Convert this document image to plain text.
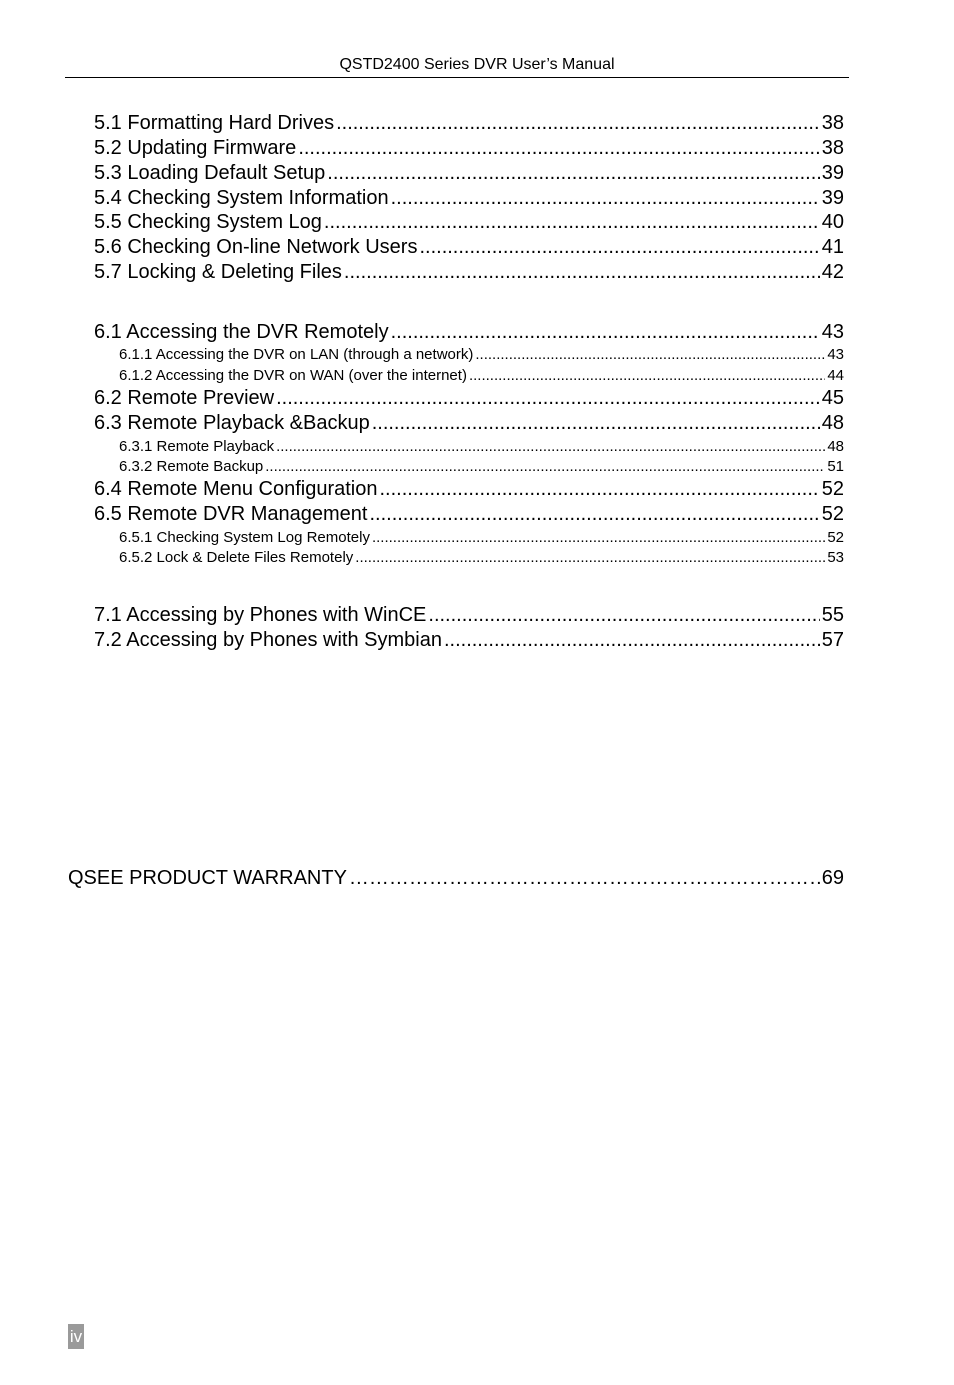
QSTD2400 Series DVR User’s Manual
5.1 Formatting Hard Drives .....	38
5.2 Updating Firmware .....	38
5.3 Loading Default Setup .....	39
5.4 Checking System Information .....	39
5.5 Checking System Log .....	40
5.6 Checking On-line Network Users .....	41
5.7 Locking & Deleting Files .....	42
6.1 Accessing the DVR Remotely .....	43
6.1.1 Accessing the DVR on LAN (through a network) .....	43
6.1.2 Accessing the DVR on WAN (over the internet) .....	44
6.2 Remote Preview .....	45
6.3 Remote Playback &Backup .....	48
6.3.1 Remote Playback .....	48
6.3.2 Remote Backup .....	51
6.4 Remote Menu Configuration .....	52
6.5 Remote DVR Management .....	52
6.5.1 Checking System Log Remotely .....	52
6.5.2 Lock & Delete Files Remotely .....	53
7.1 Accessing by Phones with WinCE .....	55
7.2 Accessing by Phones with Symbian .....	57
QSEE PRODUCT WARRANTY ……………………………………………………………………………………………………………………………………	69
iv
